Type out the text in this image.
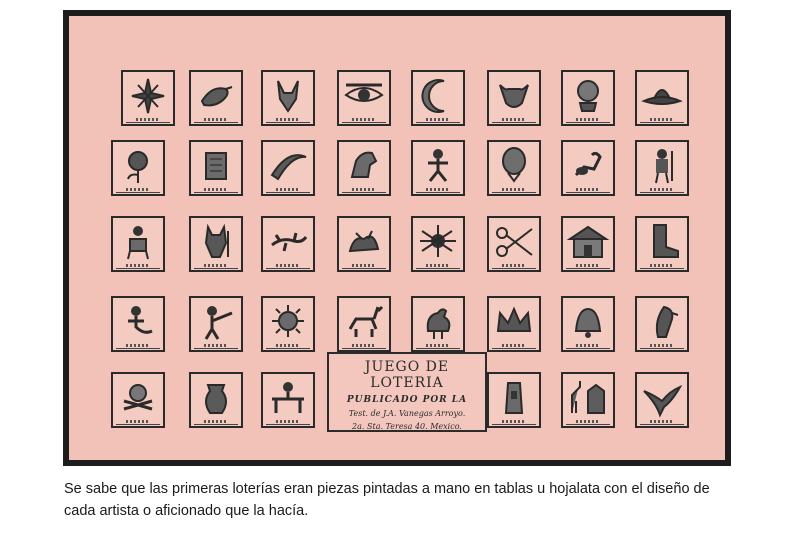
JUEGO DE LOTERIA
PUBLICADO POR LA
Test. de J.A. Vanegas Arroyo.
2a. Sta. Teresa 40. Mexico.
Se sabe que las primeras loterías eran piezas pintadas a mano en tablas u hojalata con el diseño de cada artista o aficionado que la hacía.
